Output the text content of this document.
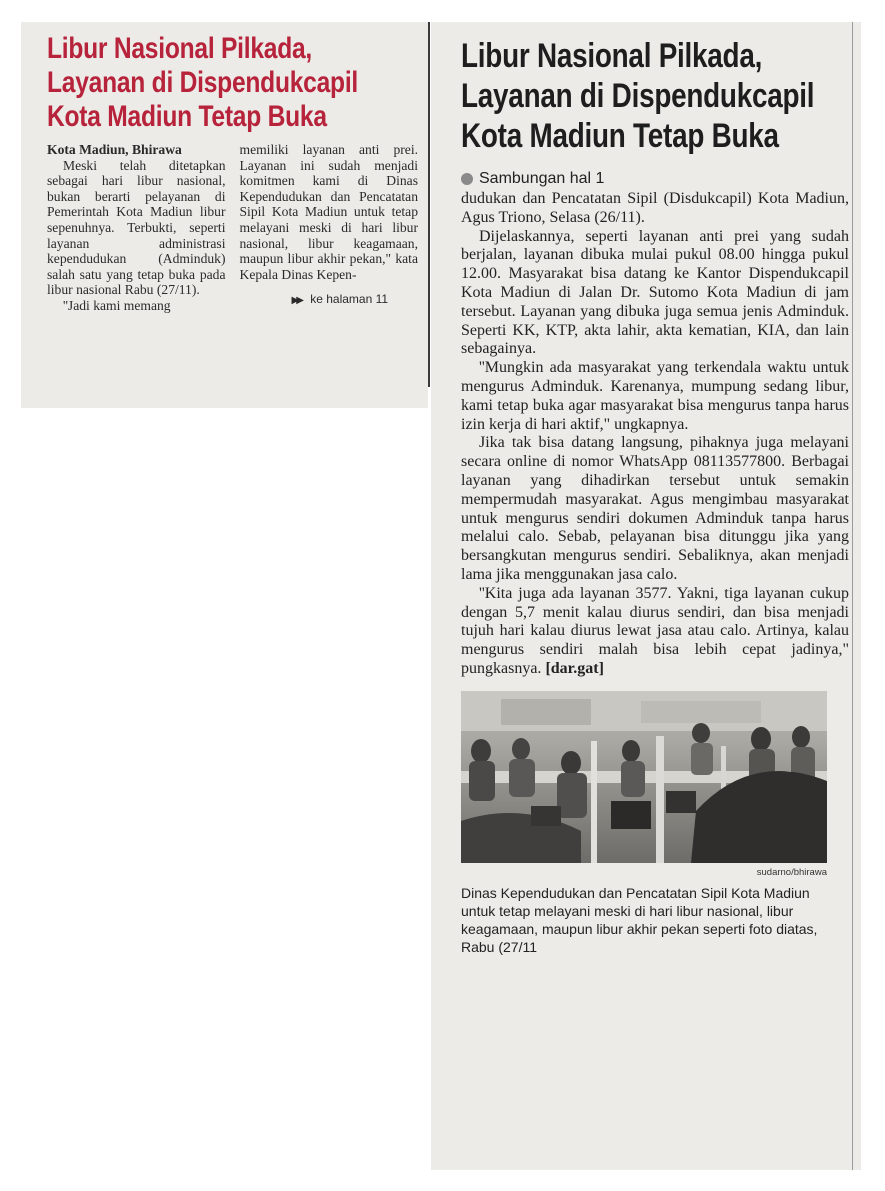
Libur Nasional Pilkada,
Layanan di Dispendukcapil
Kota Madiun Tetap Buka

Kota Madiun, Bhirawa

Meski telah ditetapkan sebagai hari libur nasional, bukan berarti pelayanan di Pemerintah Kota Madiun libur sepenuhnya. Terbukti, seperti layanan administrasi kependudukan (Adminduk) salah satu yang tetap buka pada libur nasional Rabu (27/11).

''Jadi kami memang

memiliki layanan anti prei. Layanan ini sudah menjadi komitmen kami di Dinas Kependudukan dan Pencatatan Sipil Kota Madiun untuk tetap melayani meski di hari libur nasional, libur keagamaan, maupun libur akhir pekan," kata Kepala Dinas Kepen-

▶▶ ke halaman 11
Libur Nasional Pilkada,
Layanan di Dispendukcapil
Kota Madiun Tetap Buka
Sambungan hal 1

dudukan dan Pencatatan Sipil (Disdukcapil) Kota Madiun, Agus Triono, Selasa (26/11).

Dijelaskannya, seperti layanan anti prei yang sudah berjalan, layanan dibuka mulai pukul 08.00 hingga pukul 12.00. Masyarakat bisa datang ke Kantor Dispendukcapil Kota Madiun di Jalan Dr. Sutomo Kota Madiun di jam tersebut. Layanan yang dibuka juga semua jenis Adminduk. Seperti KK, KTP, akta lahir, akta kematian, KIA, dan lain sebagainya.

''Mungkin ada masyarakat yang terkendala waktu untuk mengurus Adminduk. Karenanya, mumpung sedang libur, kami tetap buka agar masyarakat bisa mengurus tanpa harus izin kerja di hari aktif," ungkapnya.

Jika tak bisa datang langsung, pihaknya juga melayani secara online di nomor WhatsApp 08113577800. Berbagai layanan yang dihadirkan tersebut untuk semakin mempermudah masyarakat. Agus mengimbau masyarakat untuk mengurus sendiri dokumen Adminduk tanpa harus melalui calo. Sebab, pelayanan bisa ditunggu jika yang bersangkutan mengurus sendiri. Sebaliknya, akan menjadi lama jika menggunakan jasa calo.

''Kita juga ada layanan 3577. Yakni, tiga layanan cukup dengan 5,7 menit kalau diurus sendiri, dan bisa menjadi tujuh hari kalau diurus lewat jasa atau calo. Artinya, kalau mengurus sendiri malah bisa lebih cepat jadinya," pungkasnya. [dar.gat]

sudarno/bhirawa
Dinas Kependudukan dan Pencatatan Sipil Kota Madiun untuk tetap melayani meski di hari libur nasional, libur keagamaan, maupun libur akhir pekan seperti foto diatas, Rabu (27/11
